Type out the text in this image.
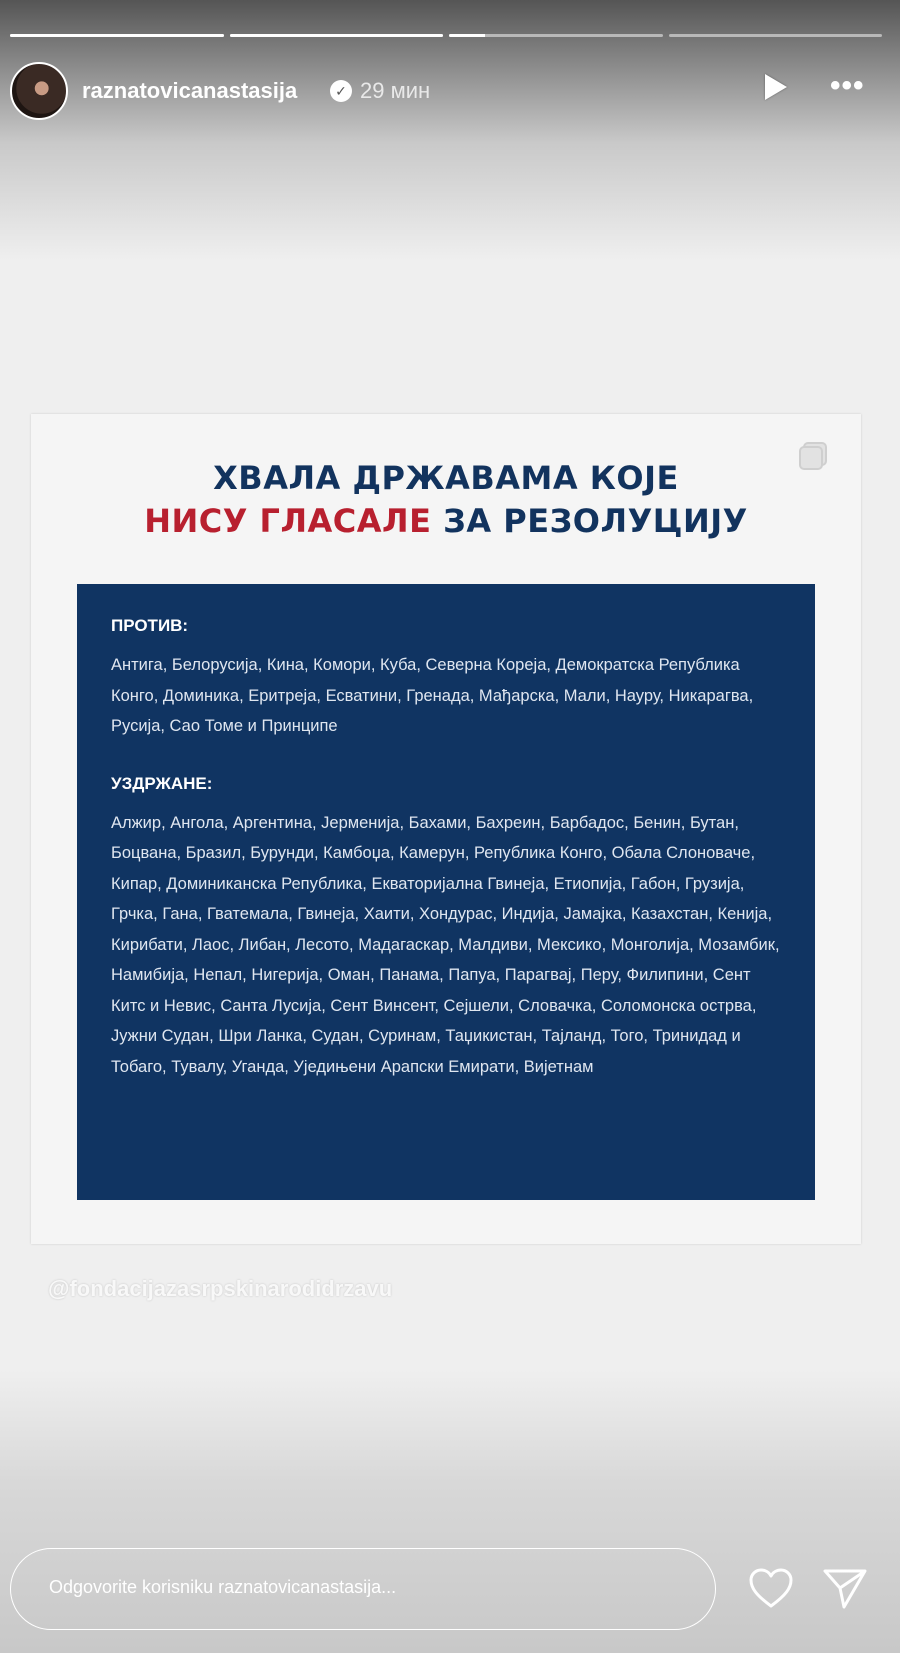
raznatovicanastasija	✓ 29 мин	•••
ХВАЛА ДРЖАВАМА КОЈЕ
НИСУ ГЛАСАЛЕ ЗА РЕЗОЛУЦИЈУ
ПРОТИВ:
Антига, Белорусија, Кина, Комори, Куба, Северна Кореја, Демократска Република Конго, Доминика, Еритреја, Есватини, Гренада, Мађарска, Мали, Науру, Никарагва, Русија, Сао Томе и Принципе
УЗДРЖАНЕ:
Алжир, Ангола, Аргентина, Јерменија, Бахами, Бахреин, Барбадос, Бенин, Бутан, Боцвана, Бразил, Бурунди, Камбоџа, Камерун, Република Конго, Обала Слоноваче, Кипар, Доминиканска Република, Екваторијална Гвинеја, Етиопија, Габон, Грузија, Грчка, Гана, Гватемала, Гвинеја, Хаити, Хондурас, Индија, Јамајка, Казахстан, Кенија, Кирибати, Лаос, Либан, Лесото, Мадагаскар, Малдиви, Мексико, Монголија, Мозамбик, Намибија, Непал, Нигерија, Оман, Панама, Папуа, Парагвај, Перу, Филипини, Сент Китс и Невис, Санта Лусија, Сент Винсент, Сејшели, Словачка, Соломонска острва, Јужни Судан, Шри Ланка, Судан, Суринам, Таџикистан, Тајланд, Того, Тринидад и Тобаго, Тувалу, Уганда, Уједињени Арапски Емирати, Вијетнам
@fondacijazasrpskinarodidrzavu
Odgovorite korisniku raznatovicanastasija...
